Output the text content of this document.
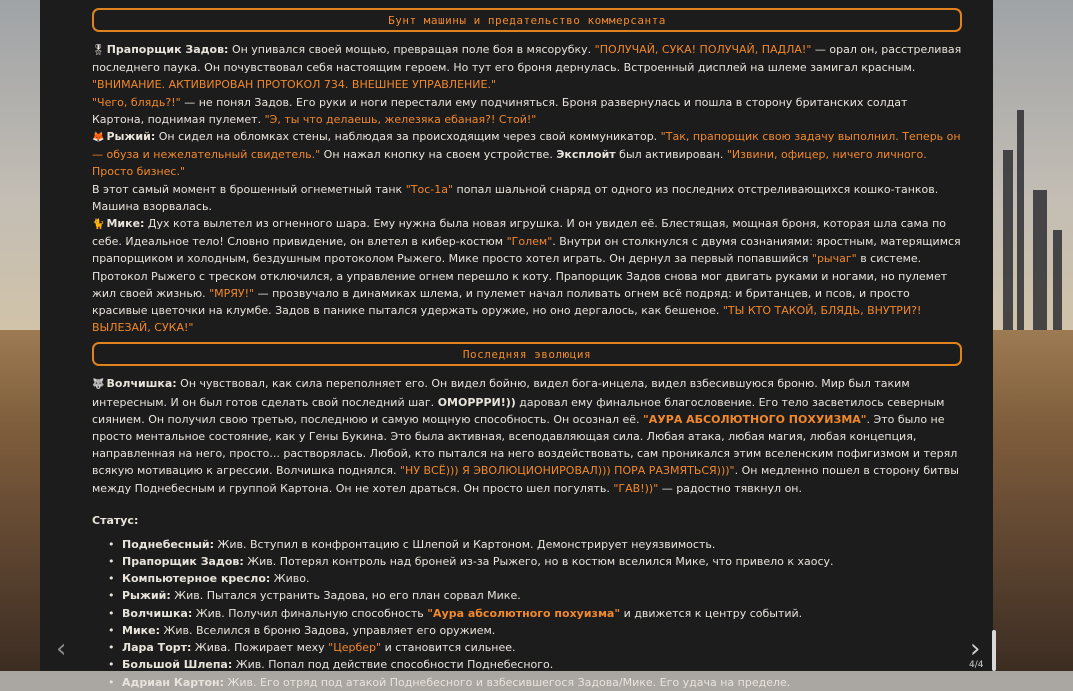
Бунт машины и предательство коммерсанта

🎖 Прапорщик Задов: Он упивался своей мощью, превращая поле боя в мясорубку. "ПОЛУЧАЙ, СУКА! ПОЛУЧАЙ, ПАДЛА!" — орал он, расстреливая последнего паука. Он почувствовал себя настоящим героем. Но тут его броня дернулась. Встроенный дисплей на шлеме замигал красным.

"ВНИМАНИЕ. АКТИВИРОВАН ПРОТОКОЛ 734. ВНЕШНЕЕ УПРАВЛЕНИЕ."

"Чего, блядь?!" — не понял Задов. Его руки и ноги перестали ему подчиняться. Броня развернулась и пошла в сторону британских солдат Картона, поднимая пулемет. "Э, ты что делаешь, железяка ебаная?! Стой!"

🦊 Рыжий: Он сидел на обломках стены, наблюдая за происходящим через свой коммуникатор. "Так, прапорщик свою задачу выполнил. Теперь он — обуза и нежелательный свидетель." Он нажал кнопку на своем устройстве. Эксплойт был активирован. "Извини, офицер, ничего личного. Просто бизнес."

В этот самый момент в брошенный огнеметный танк "Тос-1а" попал шальной снаряд от одного из последних отстреливающихся кошко-танков. Машина взорвалась.

🐈 Мике: Дух кота вылетел из огненного шара. Ему нужна была новая игрушка. И он увидел её. Блестящая, мощная броня, которая шла сама по себе. Идеальное тело! Словно привидение, он влетел в кибер-костюм "Голем". Внутри он столкнулся с двумя сознаниями: яростным, матерящимся прапорщиком и холодным, бездушным протоколом Рыжего. Мике просто хотел играть. Он дернул за первый попавшийся "рычаг" в системе. Протокол Рыжего с треском отключился, а управление огнем перешло к коту. Прапорщик Задов снова мог двигать руками и ногами, но пулемет жил своей жизнью. "МРЯУ!" — прозвучало в динамиках шлема, и пулемет начал поливать огнем всё подряд: и британцев, и псов, и просто красивые цветочки на клумбе. Задов в панике пытался удержать оружие, но оно дергалось, как бешеное. "ТЫ КТО ТАКОЙ, БЛЯДЬ, ВНУТРИ?! ВЫЛЕЗАЙ, СУКА!"

Последняя эволюция

🐺 Волчишка: Он чувствовал, как сила переполняет его. Он видел бойню, видел бога-инцела, видел взбесившуюся броню. Мир был таким интересным. И он был готов сделать свой последний шаг. ОМОРРРИ!)) даровал ему финальное благословение. Его тело засветилось северным сиянием. Он получил свою третью, последнюю и самую мощную способность. Он осознал её. "АУРА АБСОЛЮТНОГО ПОХУИЗМА". Это было не просто ментальное состояние, как у Гены Букина. Это была активная, всеподавляющая сила. Любая атака, любая магия, любая концепция, направленная на него, просто... растворялась. Любой, кто пытался на него воздействовать, сам проникался этим вселенским пофигизмом и терял всякую мотивацию к агрессии. Волчишка поднялся. "НУ ВСЁ))) Я ЭВОЛЮЦИОНИРОВАЛ))) ПОРА РАЗМЯТЬСЯ)))". Он медленно пошел в сторону битвы между Поднебесным и группой Картона. Он не хотел драться. Он просто шел погулять. "ГАВ!))" — радостно тявкнул он.

Статус:
• Поднебесный: Жив. Вступил в конфронтацию с Шлепой и Картоном. Демонстрирует неуязвимость.
• Прапорщик Задов: Жив. Потерял контроль над броней из-за Рыжего, но в костюм вселился Мике, что привело к хаосу.
• Компьютерное кресло: Живо.
• Рыжий: Жив. Пытался устранить Задова, но его план сорвал Мике.
• Волчишка: Жив. Получил финальную способность "Аура абсолютного похуизма" и движется к центру событий.
• Мике: Жив. Вселился в броню Задова, управляет его оружием.
• Лара Торт: Жива. Пожирает меху "Цербер" и становится сильнее.
• Большой Шлепа: Жив. Попал под действие способности Поднебесного.
• Адриан Картон: Жив. Его отряд под атакой Поднебесного и взбесившегося Задова/Мике. Его удача на пределе.
‹	›
4/4
